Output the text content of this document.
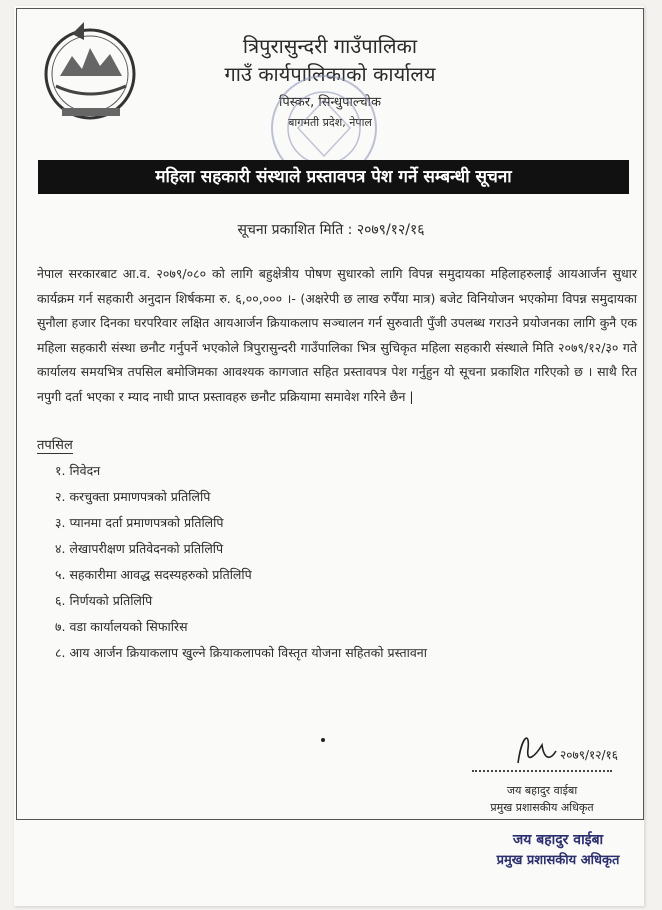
त्रिपुरासुन्दरी गाउँपालिका
गाउँ कार्यपालिकाको कार्यालय
पिस्कर, सिन्धुपाल्चोक
बागमती प्रदेश, नेपाल
महिला सहकारी संस्थाले प्रस्तावपत्र पेश गर्ने सम्बन्धी सूचना
सूचना प्रकाशित मिति : २०७९/१२/१६

नेपाल सरकारबाट आ.व. २०७९/०८० को लागि बहुक्षेत्रीय पोषण सुधारको लागि विपन्न समुदायका महिलाहरुलाई आयआर्जन सुधार कार्यक्रम गर्न सहकारी अनुदान शिर्षकमा रु. ६,००,००० ।- (अक्षरेपी छ लाख रुपैँया मात्र) बजेट विनियोजन भएकोमा विपन्न समुदायका सुनौला हजार दिनका घरपरिवार लक्षित आयआर्जन क्रियाकलाप सञ्चालन गर्न सुरुवाती पुँजी उपलब्ध गराउने प्रयोजनका लागि कुनै एक महिला सहकारी संस्था छनौट गर्नुपर्ने भएकोले त्रिपुरासुन्दरी गाउँपालिका भित्र सुचिकृत महिला सहकारी संस्थाले मिति २०७९/१२/३० गते कार्यालय समयभित्र तपसिल बमोजिमका आवश्यक कागजात सहित प्रस्तावपत्र पेश गर्नुहुन यो सूचना प्रकाशित गरिएको छ । साथै रित नपुगी दर्ता भएका र म्याद नाघी प्राप्त प्रस्तावहरु छनौट प्रक्रियामा समावेश गरिने छैन |

तपसिल
१. निवेदन
२. करचुक्ता प्रमाणपत्रको प्रतिलिपि
३. प्यानमा दर्ता प्रमाणपत्रको प्रतिलिपि
४. लेखापरीक्षण प्रतिवेदनको प्रतिलिपि
५. सहकारीमा आवद्ध सदस्यहरुको प्रतिलिपि
६. निर्णयको प्रतिलिपि
७. वडा कार्यालयको सिफारिस
८. आय आर्जन क्रियाकलाप खुल्ने क्रियाकलापको विस्तृत योजना सहितको प्रस्तावना
२०७९/१२/१६
जय बहादुर वाईबा
प्रमुख प्रशासकीय अधिकृत
जय बहादुर वाईबा
प्रमुख प्रशासकीय अधिकृत
